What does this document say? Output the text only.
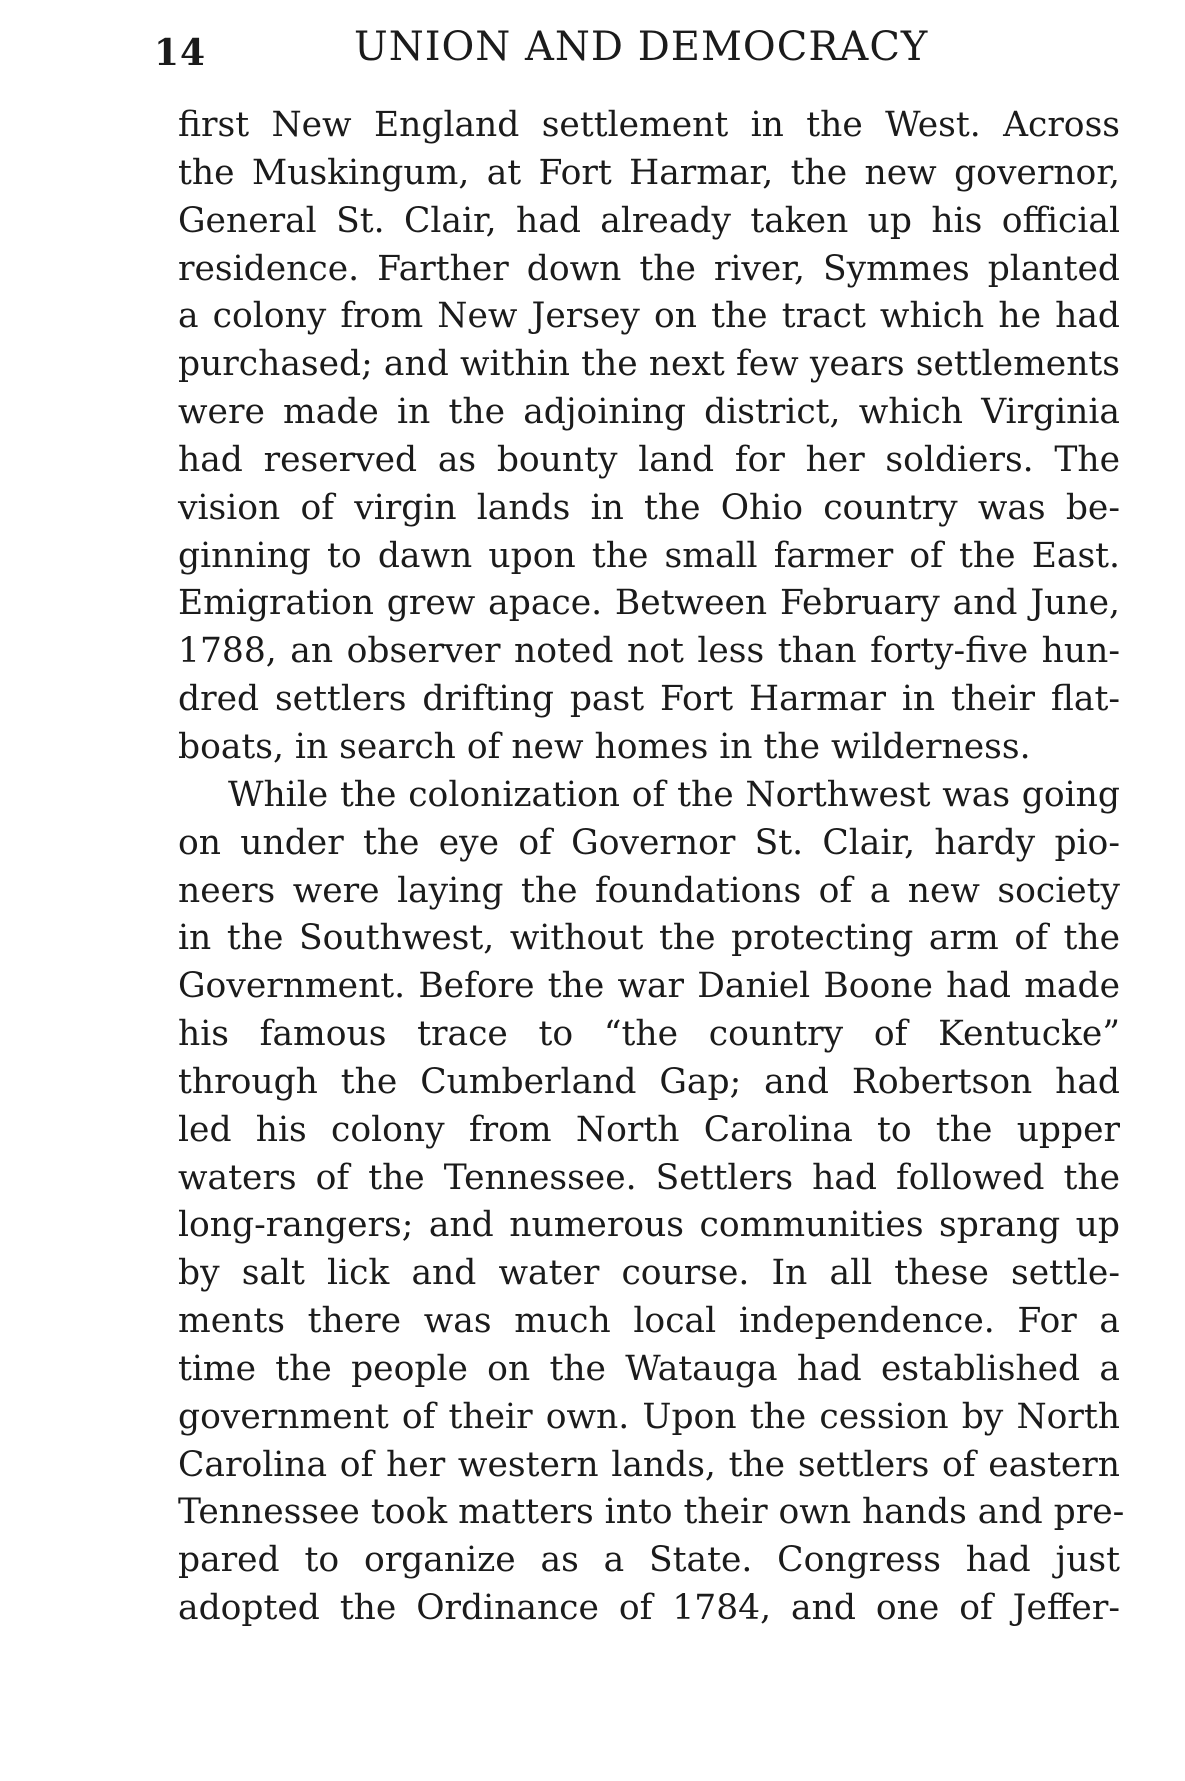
14	UNION AND DEMOCRACY
first New England settlement in the West. Across
the Muskingum, at Fort Harmar, the new governor,
General St. Clair, had already taken up his official
residence. Farther down the river, Symmes planted
a colony from New Jersey on the tract which he had
purchased; and within the next few years settlements
were made in the adjoining district, which Virginia
had reserved as bounty land for her soldiers. The
vision of virgin lands in the Ohio country was be-
ginning to dawn upon the small farmer of the East.
Emigration grew apace. Between February and June,
1788, an observer noted not less than forty-five hun-
dred settlers drifting past Fort Harmar in their flat-
boats, in search of new homes in the wilderness.
While the colonization of the Northwest was going
on under the eye of Governor St. Clair, hardy pio-
neers were laying the foundations of a new society
in the Southwest, without the protecting arm of the
Government. Before the war Daniel Boone had made
his famous trace to “the country of Kentucke”
through the Cumberland Gap; and Robertson had
led his colony from North Carolina to the upper
waters of the Tennessee. Settlers had followed the
long-rangers; and numerous communities sprang up
by salt lick and water course. In all these settle-
ments there was much local independence. For a
time the people on the Watauga had established a
government of their own. Upon the cession by North
Carolina of her western lands, the settlers of eastern
Tennessee took matters into their own hands and pre-
pared to organize as a State. Congress had just
adopted the Ordinance of 1784, and one of Jeffer-
